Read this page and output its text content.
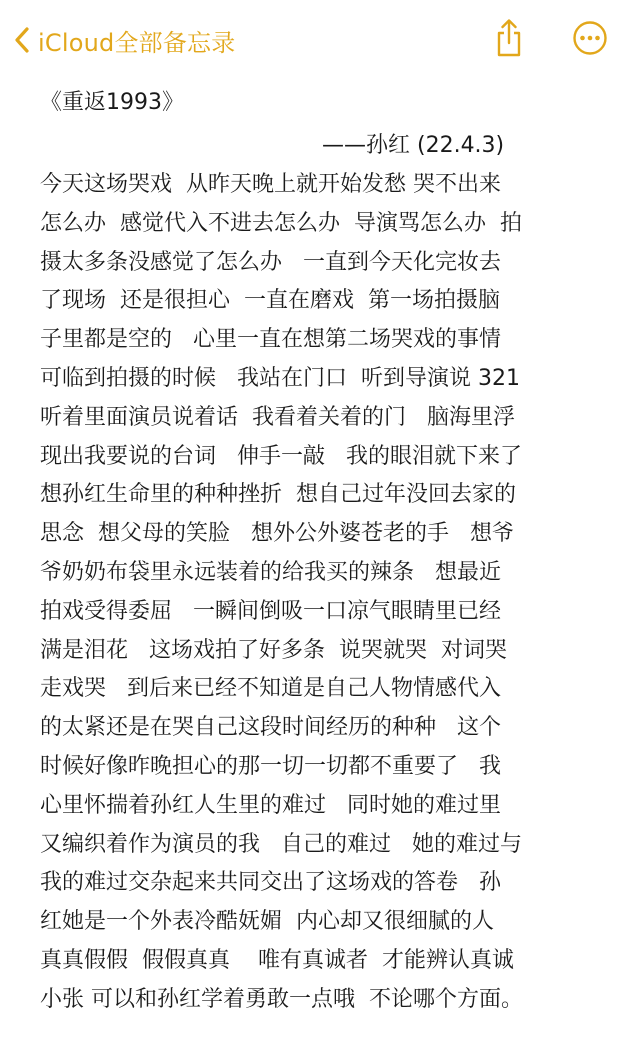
iCloud全部备忘录
《重返1993》
——孙红 (22.4.3)
今天这场哭戏  从昨天晚上就开始发愁 哭不出来
怎么办  感觉代入不进去怎么办  导演骂怎么办  拍
摄太多条没感觉了怎么办   一直到今天化完妆去
了现场  还是很担心  一直在磨戏  第一场拍摄脑
子里都是空的   心里一直在想第二场哭戏的事情
可临到拍摄的时候   我站在门口  听到导演说 321
听着里面演员说着话  我看着关着的门   脑海里浮
现出我要说的台词   伸手一敲   我的眼泪就下来了
想孙红生命里的种种挫折  想自己过年没回去家的
思念  想父母的笑脸   想外公外婆苍老的手   想爷
爷奶奶布袋里永远装着的给我买的辣条   想最近
拍戏受得委屈   一瞬间倒吸一口凉气眼睛里已经
满是泪花   这场戏拍了好多条  说哭就哭  对词哭
走戏哭   到后来已经不知道是自己人物情感代入
的太紧还是在哭自己这段时间经历的种种   这个
时候好像昨晚担心的那一切一切都不重要了   我
心里怀揣着孙红人生里的难过   同时她的难过里
又编织着作为演员的我   自己的难过   她的难过与
我的难过交杂起来共同交出了这场戏的答卷   孙
红她是一个外表冷酷妩媚  内心却又很细腻的人
真真假假  假假真真    唯有真诚者  才能辨认真诚
小张 可以和孙红学着勇敢一点哦  不论哪个方面。
